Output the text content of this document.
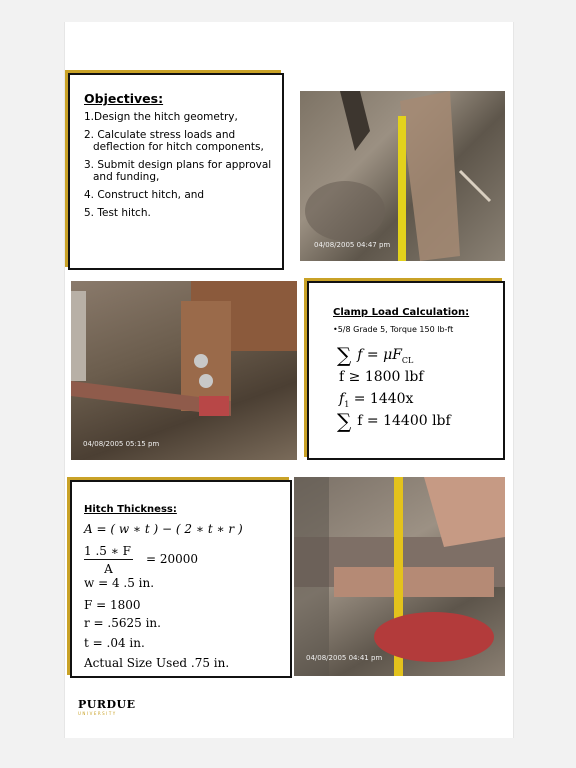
Objectives:
1.Design the hitch geometry,
2. Calculate stress loads and deflection for hitch components,
3. Submit design plans for approval and funding,
4. Construct hitch, and
5. Test hitch.
04/08/2005 04:47 pm
04/08/2005 05:15 pm
Clamp Load Calculation:
•5/8 Grade 5, Torque 150 lb-ft
∑ $f = \mu F_{CL}$
f ≥ 1800 lbf
$f_1 = 1440x$
∑ f = 14400 lbf
Hitch Thickness:
A = ( w ∗ t ) − ( 2 ∗ t ∗ r )
$\frac{1 .5 ∗ F}{A} = 20000$
w = 4 .5 in.
F = 1800
r = .5625 in.
t = .04 in.
Actual Size Used .75 in.	04/08/2005 04:41 pm
PURDUE
UNIVERSITY
